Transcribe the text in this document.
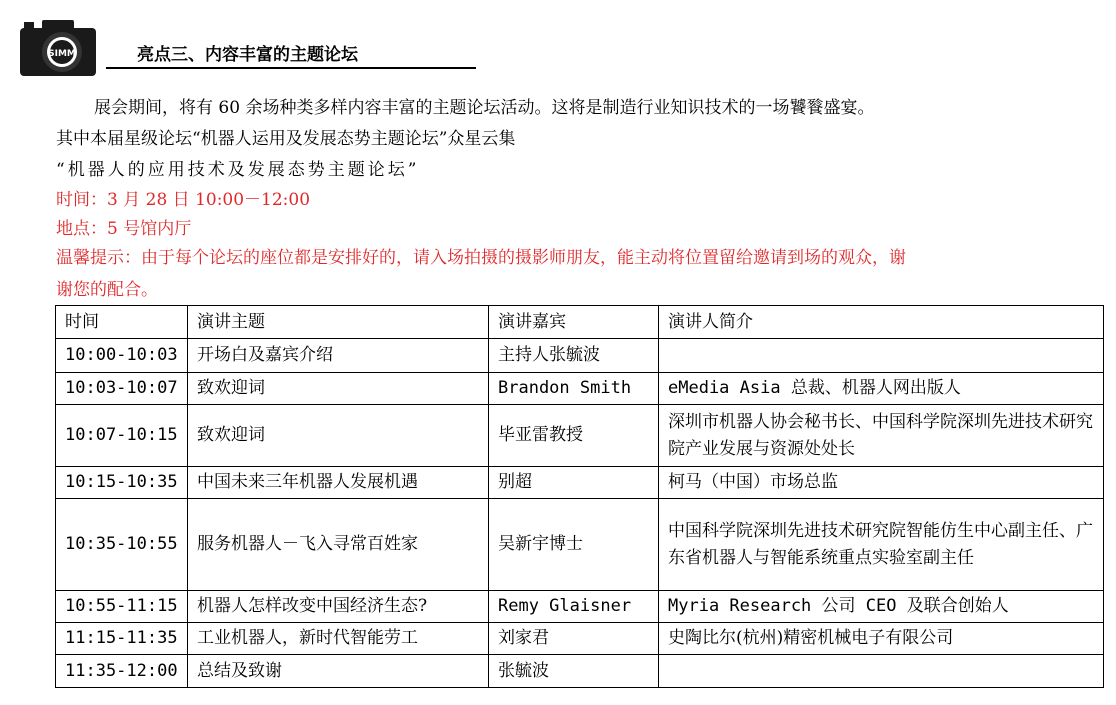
SIMM	亮点三、内容丰富的主题论坛
展会期间，将有 60 余场种类多样内容丰富的主题论坛活动。这将是制造行业知识技术的一场饕餮盛宴。
其中本届星级论坛“机器人运用及发展态势主题论坛”众星云集
“机器人的应用技术及发展态势主题论坛”
时间：3 月 28 日 10:00－12:00
地点：5 号馆内厅
温馨提示：由于每个论坛的座位都是安排好的，请入场拍摄的摄影师朋友，能主动将位置留给邀请到场的观众，谢
谢您的配合。
时间	演讲主题	演讲嘉宾	演讲人简介
10:00-10:03	开场白及嘉宾介绍	主持人张毓波	
10:03-10:07	致欢迎词	Brandon Smith	eMedia Asia 总裁、机器人网出版人
10:07-10:15	致欢迎词	毕亚雷教授	深圳市机器人协会秘书长、中国科学院深圳先进技术研究院产业发展与资源处处长
10:15-10:35	中国未来三年机器人发展机遇	别超	柯马（中国）市场总监
10:35-10:55	服务机器人－飞入寻常百姓家	吴新宇博士	中国科学院深圳先进技术研究院智能仿生中心副主任、广东省机器人与智能系统重点实验室副主任
10:55-11:15	机器人怎样改变中国经济生态?	Remy Glaisner	Myria Research 公司 CEO 及联合创始人
11:15-11:35	工业机器人，新时代智能劳工	刘家君	史陶比尔(杭州)精密机械电子有限公司
11:35-12:00	总结及致谢	张毓波	
